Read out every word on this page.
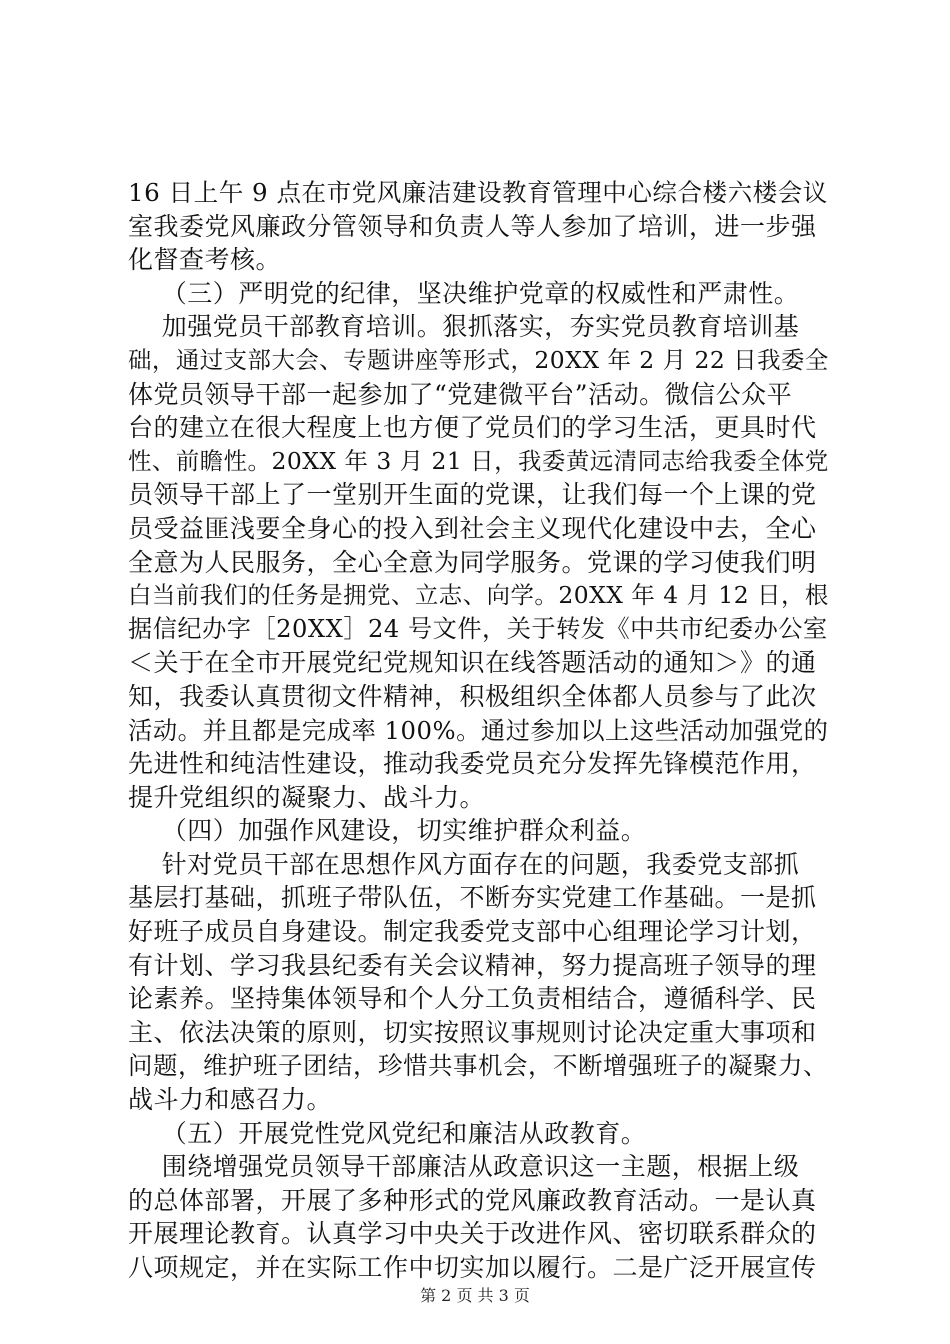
16 日上午 9 点在市党风廉洁建设教育管理中心综合楼六楼会议
室我委党风廉政分管领导和负责人等人参加了培训，进一步强
化督查考核。
（三）严明党的纪律，坚决维护党章的权威性和严肃性。
加强党员干部教育培训。狠抓落实，夯实党员教育培训基
础，通过支部大会、专题讲座等形式，20XX 年 2 月 22 日我委全
体党员领导干部一起参加了“党建微平台”活动。微信公众平
台的建立在很大程度上也方便了党员们的学习生活，更具时代
性、前瞻性。20XX 年 3 月 21 日，我委黄远清同志给我委全体党
员领导干部上了一堂别开生面的党课，让我们每一个上课的党
员受益匪浅要全身心的投入到社会主义现代化建设中去，全心
全意为人民服务，全心全意为同学服务。党课的学习使我们明
白当前我们的任务是拥党、立志、向学。20XX 年 4 月 12 日，根
据信纪办字［20XX］24 号文件，关于转发《中共市纪委办公室
＜关于在全市开展党纪党规知识在线答题活动的通知＞》的通
知，我委认真贯彻文件精神，积极组织全体都人员参与了此次
活动。并且都是完成率 100%。通过参加以上这些活动加强党的
先进性和纯洁性建设，推动我委党员充分发挥先锋模范作用，
提升党组织的凝聚力、战斗力。
（四）加强作风建设，切实维护群众利益。
针对党员干部在思想作风方面存在的问题，我委党支部抓
基层打基础，抓班子带队伍，不断夯实党建工作基础。一是抓
好班子成员自身建设。制定我委党支部中心组理论学习计划，
有计划、学习我县纪委有关会议精神，努力提高班子领导的理
论素养。坚持集体领导和个人分工负责相结合，遵循科学、民
主、依法决策的原则，切实按照议事规则讨论决定重大事项和
问题，维护班子团结，珍惜共事机会，不断增强班子的凝聚力、
战斗力和感召力。
（五）开展党性党风党纪和廉洁从政教育。
围绕增强党员领导干部廉洁从政意识这一主题，根据上级
的总体部署，开展了多种形式的党风廉政教育活动。一是认真
开展理论教育。认真学习中央关于改进作风、密切联系群众的
八项规定，并在实际工作中切实加以履行。二是广泛开展宣传
第 2 页 共 3 页
